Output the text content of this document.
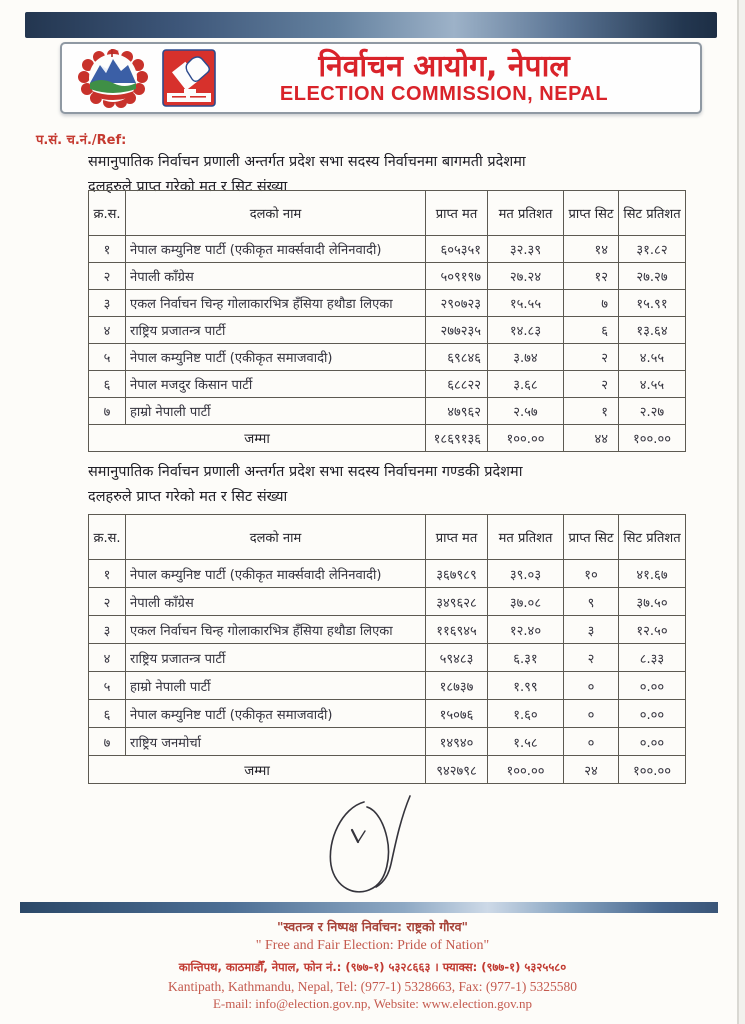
निर्वाचन आयोग, नेपाल
ELECTION COMMISSION, NEPAL
प.सं. च.नं./Ref:
समानुपातिक निर्वाचन प्रणाली अन्तर्गत प्रदेश सभा सदस्य निर्वाचनमा बागमती प्रदेशमा
दलहरुले प्राप्त गरेको मत र सिट संख्या
क्र.स.	दलको नाम	प्राप्त मत	मत प्रतिशत	प्राप्त सिट	सिट प्रतिशत
१	नेपाल कम्युनिष्ट पार्टी (एकीकृत मार्क्सवादी लेनिनवादी)	६०५३५१	३२.३९	१४	३१.८२
२	नेपाली काँग्रेस	५०९१९७	२७.२४	१२	२७.२७
३	एकल निर्वाचन चिन्ह गोलाकारभित्र हँसिया हथौडा लिएका	२९०७२३	१५.५५	७	१५.९१
४	राष्ट्रिय प्रजातन्त्र पार्टी	२७७२३५	१४.८३	६	१३.६४
५	नेपाल कम्युनिष्ट पार्टी (एकीकृत समाजवादी)	६९८४६	३.७४	२	४.५५
६	नेपाल मजदुर किसान पार्टी	६८८२२	३.६८	२	४.५५
७	हाम्रो नेपाली पार्टी	४७९६२	२.५७	१	२.२७
जम्मा		१८६९१३६	१००.००	४४	१००.००
समानुपातिक निर्वाचन प्रणाली अन्तर्गत प्रदेश सभा सदस्य निर्वाचनमा गण्डकी प्रदेशमा
दलहरुले प्राप्त गरेको मत र सिट संख्या
क्र.स.	दलको नाम	प्राप्त मत	मत प्रतिशत	प्राप्त सिट	सिट प्रतिशत
१	नेपाल कम्युनिष्ट पार्टी (एकीकृत मार्क्सवादी लेनिनवादी)	३६७९८९	३९.०३	१०	४१.६७
२	नेपाली काँग्रेस	३४९६२८	३७.०८	९	३७.५०
३	एकल निर्वाचन चिन्ह गोलाकारभित्र हँसिया हथौडा लिएका	११६९४५	१२.४०	३	१२.५०
४	राष्ट्रिय प्रजातन्त्र पार्टी	५९४८३	६.३१	२	८.३३
५	हाम्रो नेपाली पार्टी	१८७३७	१.९९	०	०.००
६	नेपाल कम्युनिष्ट पार्टी (एकीकृत समाजवादी)	१५०७६	१.६०	०	०.००
७	राष्ट्रिय जनमोर्चा	१४९४०	१.५८	०	०.००
जम्मा		९४२७९८	१००.००	२४	१००.००
"स्वतन्त्र र निष्पक्ष निर्वाचन: राष्ट्रको गौरव"
" Free and Fair Election: Pride of Nation"
कान्तिपथ, काठमाडौँ, नेपाल, फोन नं.: (९७७-१) ५३२८६६३ । फ्याक्स: (९७७-१) ५३२५५८०
Kantipath, Kathmandu, Nepal, Tel: (977-1) 5328663, Fax: (977-1) 5325580
E-mail: info@election.gov.np, Website: www.election.gov.np
